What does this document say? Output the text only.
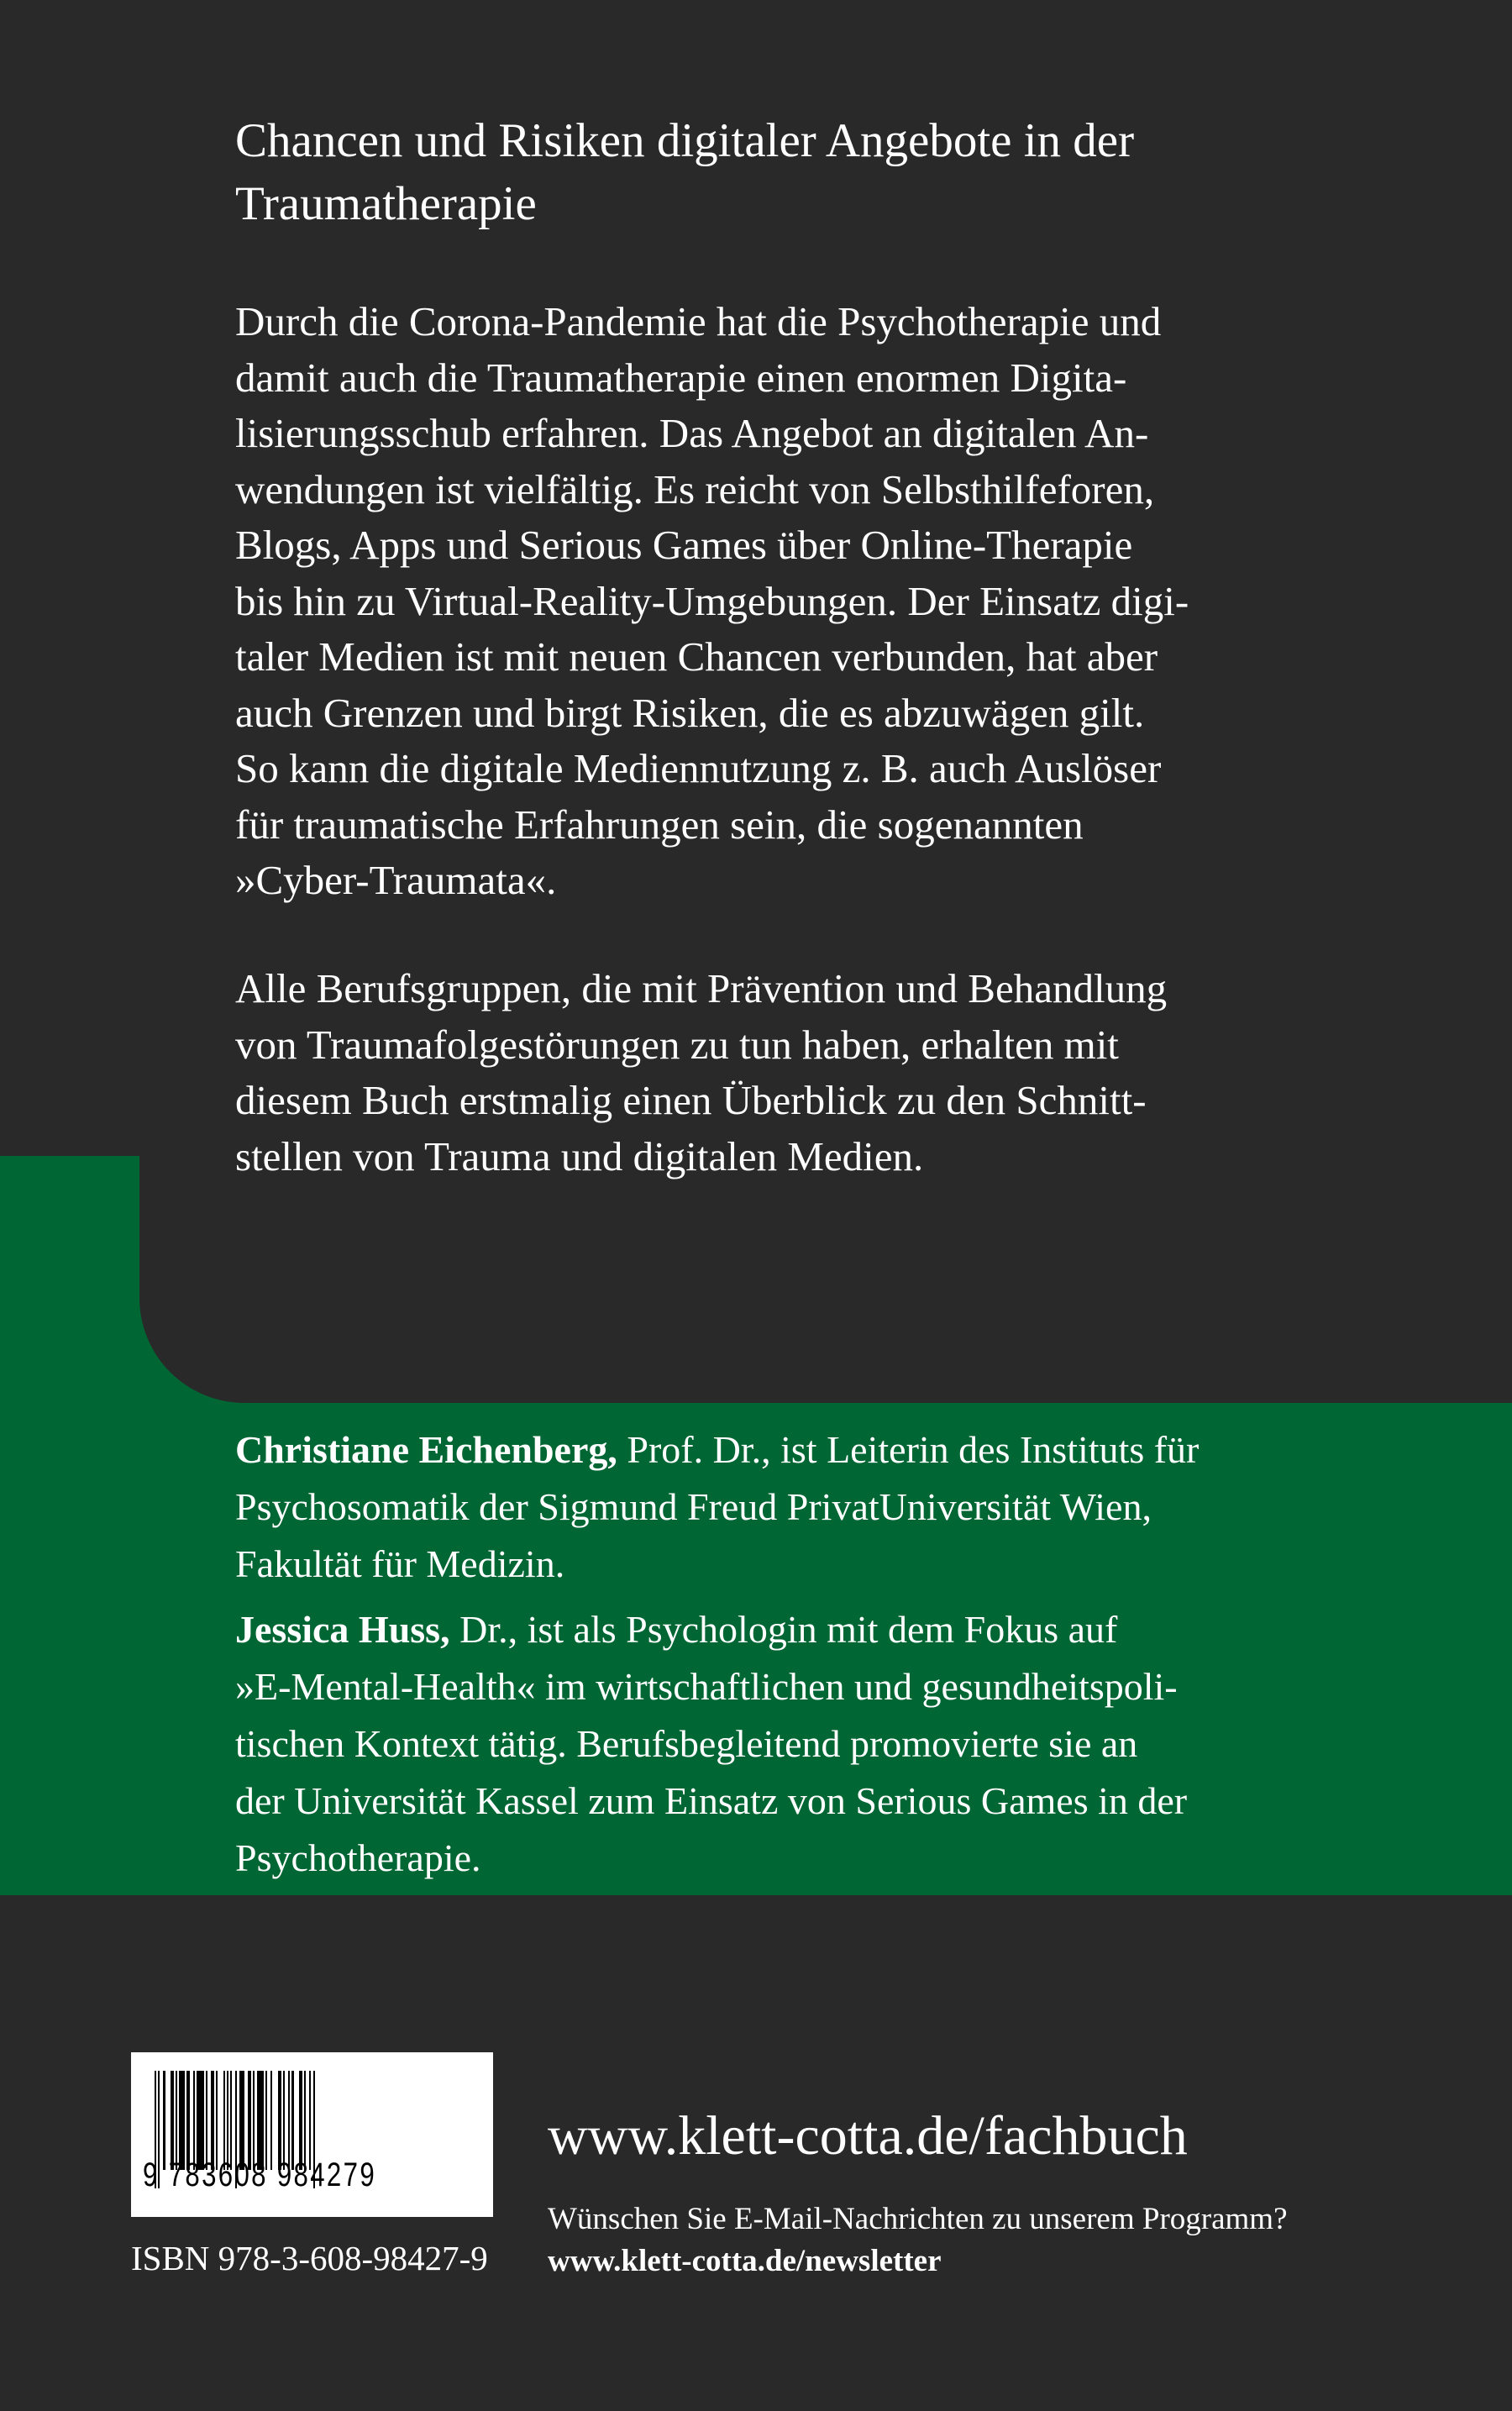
Chancen und Risiken digitaler Angebote in der
Traumatherapie
Durch die Corona-Pandemie hat die Psychotherapie und
damit auch die Traumatherapie einen enormen Digita-
lisierungsschub erfahren. Das Angebot an digitalen An-
wendungen ist vielfältig. Es reicht von Selbsthilfeforen,
Blogs, Apps und Serious Games über Online-Therapie
bis hin zu Virtual-Reality-Umgebungen. Der Einsatz digi-
taler Medien ist mit neuen Chancen verbunden, hat aber
auch Grenzen und birgt Risiken, die es abzuwägen gilt.
So kann die digitale Mediennutzung z. B. auch Auslöser
für traumatische Erfahrungen sein, die sogenannten
»Cyber-Traumata«.
Alle Berufsgruppen, die mit Prävention und Behandlung
von Traumafolgestörungen zu tun haben, erhalten mit
diesem Buch erstmalig einen Überblick zu den Schnitt-
stellen von Trauma und digitalen Medien.
Christiane Eichenberg, Prof. Dr., ist Leiterin des Instituts für
Psychosomatik der Sigmund Freud PrivatUniversität Wien,
Fakultät für Medizin.
Jessica Huss, Dr., ist als Psychologin mit dem Fokus auf
»E-Mental-Health« im wirtschaftlichen und gesundheitspoli-
tischen Kontext tätig. Berufsbegleitend promovierte sie an
der Universität Kassel zum Einsatz von Serious Games in der
Psychotherapie.
9 783608 984279
ISBN 978-3-608-98427-9
www.klett-cotta.de/fachbuch
Wünschen Sie E-Mail-Nachrichten zu unserem Programm?
www.klett-cotta.de/newsletter
